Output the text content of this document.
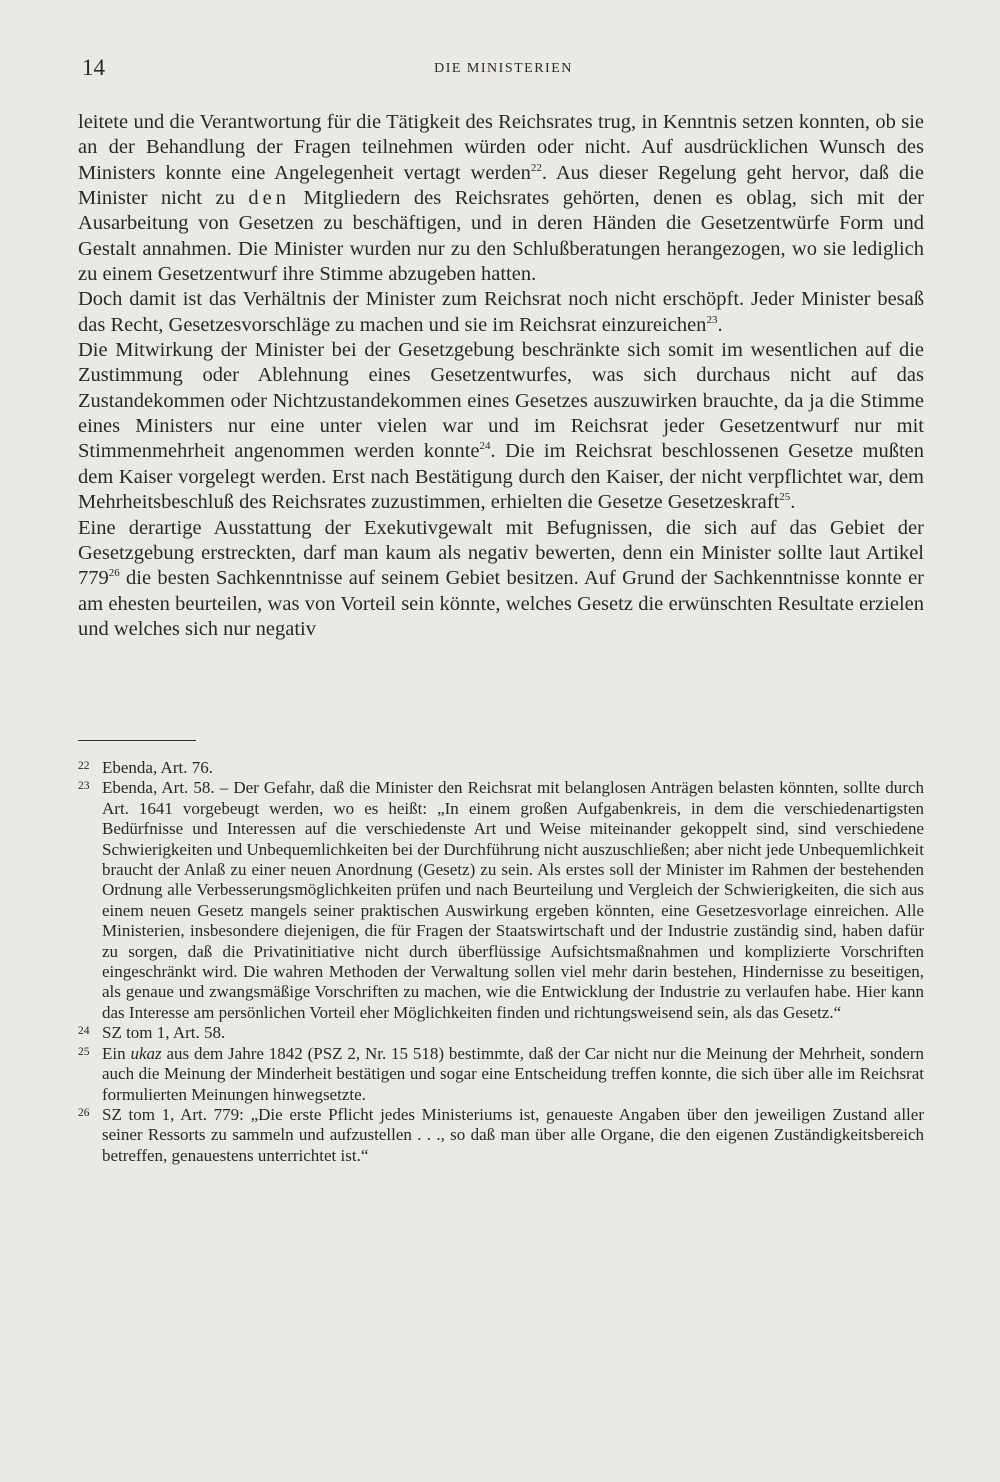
14	DIE MINISTERIEN

leitete und die Verantwortung für die Tätigkeit des Reichsrates trug, in Kenntnis setzen konnten, ob sie an der Behandlung der Fragen teilnehmen würden oder nicht. Auf ausdrücklichen Wunsch des Ministers konnte eine Angelegenheit vertagt werden$^{22}$. Aus dieser Regelung geht hervor, daß die Minister nicht zu den Mitgliedern des Reichsrates gehörten, denen es oblag, sich mit der Ausarbeitung von Gesetzen zu beschäftigen, und in deren Händen die Gesetzentwürfe Form und Gestalt annahmen. Die Minister wurden nur zu den Schlußberatungen herangezogen, wo sie lediglich zu einem Gesetzentwurf ihre Stimme abzugeben hatten.

Doch damit ist das Verhältnis der Minister zum Reichsrat noch nicht erschöpft. Jeder Minister besaß das Recht, Gesetzesvorschläge zu machen und sie im Reichsrat einzureichen$^{23}$.

Die Mitwirkung der Minister bei der Gesetzgebung beschränkte sich somit im wesentlichen auf die Zustimmung oder Ablehnung eines Gesetzentwurfes, was sich durchaus nicht auf das Zustandekommen oder Nichtzustandekommen eines Gesetzes auszuwirken brauchte, da ja die Stimme eines Ministers nur eine unter vielen war und im Reichsrat jeder Gesetzentwurf nur mit Stimmenmehrheit angenommen werden konnte$^{24}$. Die im Reichsrat beschlossenen Gesetze mußten dem Kaiser vorgelegt werden. Erst nach Bestätigung durch den Kaiser, der nicht verpflichtet war, dem Mehrheitsbeschluß des Reichsrates zuzustimmen, erhielten die Gesetze Gesetzeskraft$^{25}$.

Eine derartige Ausstattung der Exekutivgewalt mit Befugnissen, die sich auf das Gebiet der Gesetzgebung erstreckten, darf man kaum als negativ bewerten, denn ein Minister sollte laut Artikel $779^{26}$ die besten Sachkenntnisse auf seinem Gebiet besitzen. Auf Grund der Sachkenntnisse konnte er am ehesten beurteilen, was von Vorteil sein könnte, welches Gesetz die erwünschten Resultate erzielen und welches sich nur negativ

22 Ebenda, Art. 76.
23 Ebenda, Art. 58. – Der Gefahr, daß die Minister den Reichsrat mit belanglosen Anträgen belasten könnten, sollte durch Art. 1641 vorgebeugt werden, wo es heißt: „In einem großen Aufgabenkreis, in dem die verschiedenartigsten Bedürfnisse und Interessen auf die verschiedenste Art und Weise miteinander gekoppelt sind, sind verschiedene Schwierigkeiten und Unbequemlichkeiten bei der Durchführung nicht auszuschließen; aber nicht jede Unbequemlichkeit braucht der Anlaß zu einer neuen Anordnung (Gesetz) zu sein. Als erstes soll der Minister im Rahmen der bestehenden Ordnung alle Verbesserungsmöglichkeiten prüfen und nach Beurteilung und Vergleich der Schwierigkeiten, die sich aus einem neuen Gesetz mangels seiner praktischen Auswirkung ergeben könnten, eine Gesetzesvorlage einreichen. Alle Ministerien, insbesondere diejenigen, die für Fragen der Staatswirtschaft und der Industrie zuständig sind, haben dafür zu sorgen, daß die Privatinitiative nicht durch überflüssige Aufsichtsmaßnahmen und komplizierte Vorschriften eingeschränkt wird. Die wahren Methoden der Verwaltung sollen viel mehr darin bestehen, Hindernisse zu beseitigen, als genaue und zwangsmäßige Vorschriften zu machen, wie die Entwicklung der Industrie zu verlaufen habe. Hier kann das Interesse am persönlichen Vorteil eher Möglichkeiten finden und richtungsweisend sein, als das Gesetz.“
24 SZ tom 1, Art. 58.
25 Ein ukaz aus dem Jahre 1842 (PSZ 2, Nr. 15 518) bestimmte, daß der Car nicht nur die Meinung der Mehrheit, sondern auch die Meinung der Minderheit bestätigen und sogar eine Entscheidung treffen konnte, die sich über alle im Reichsrat formulierten Meinungen hinwegsetzte.
26 SZ tom 1, Art. 779: „Die erste Pflicht jedes Ministeriums ist, genaueste Angaben über den jeweiligen Zustand aller seiner Ressorts zu sammeln und aufzustellen . . ., so daß man über alle Organe, die den eigenen Zuständigkeitsbereich betreffen, genauestens unterrichtet ist.“
